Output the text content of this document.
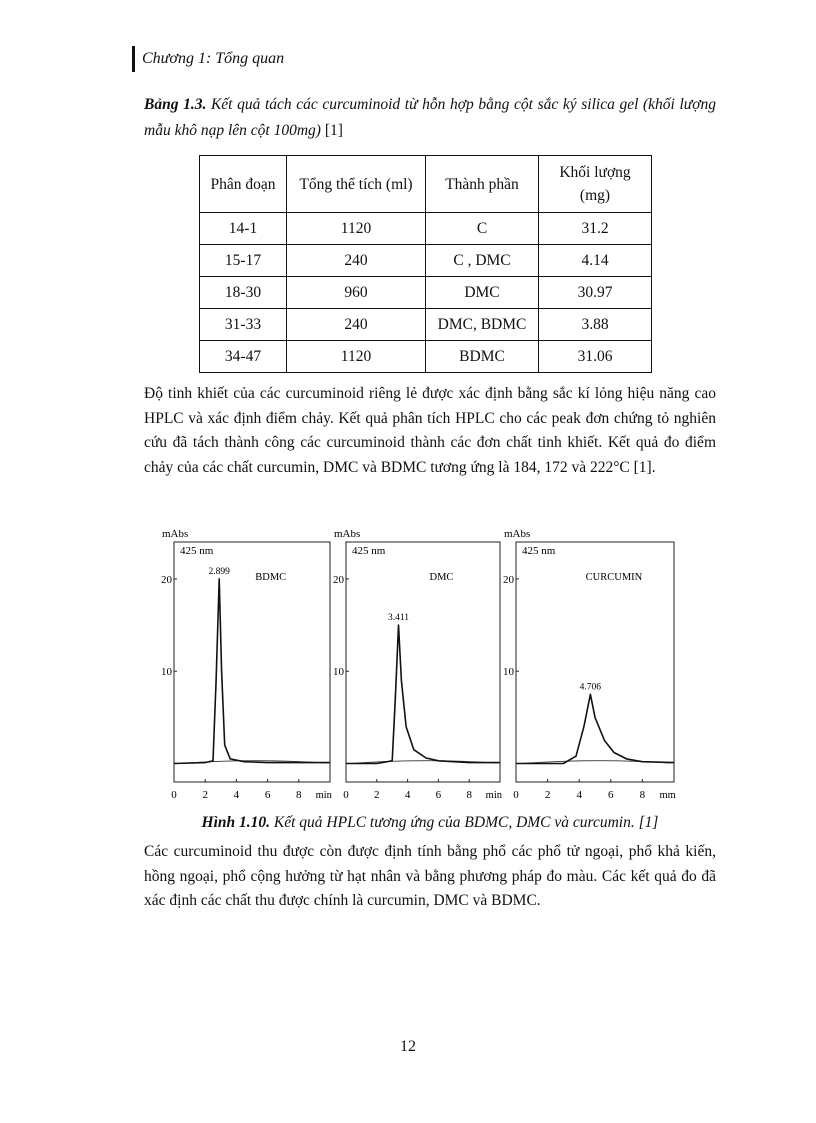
Chương 1: Tổng quan
Bảng 1.3. Kết quả tách các curcuminoid từ hỗn hợp bằng cột sắc ký silica gel (khối lượng mẫu khô nạp lên cột 100mg) [1]
Phân đoạn	Tổng thể tích (ml)	Thành phần	Khối lượng (mg)
14-1	1120	C	31.2
15-17	240	C , DMC	4.14
18-30	960	DMC	30.97
31-33	240	DMC, BDMC	3.88
34-47	1120	BDMC	31.06

Độ tinh khiết của các curcuminoid riêng lẻ được xác định bằng sắc kí lỏng hiệu năng cao HPLC và xác định điểm chảy. Kết quả phân tích HPLC cho các peak đơn chứng tỏ nghiên cứu đã tách thành công các curcuminoid thành các đơn chất tinh khiết. Kết quả đo điểm chảy của các chất curcumin, DMC và BDMC tương ứng là 184, 172 và 222°C [1].

mAbs
425 nm
BDMC
10
20
0 2 4 6 8 min
2.899
mAbs
425 nm
DMC
10
20
0 2 4 6 8 min
3.411
mAbs
425 nm
CURCUMIN
10
20
0 2 4 6 8 mm
4.706
Hình 1.10. Kết quả HPLC tương ứng của BDMC, DMC và curcumin. [1]

Các curcuminoid thu được còn được định tính bằng phổ các phổ tử ngoại, phổ khả kiến, hồng ngoại, phổ cộng hưởng từ hạt nhân và bằng phương pháp đo màu. Các kết quả đo đã xác định các chất thu được chính là curcumin, DMC và BDMC.

12
